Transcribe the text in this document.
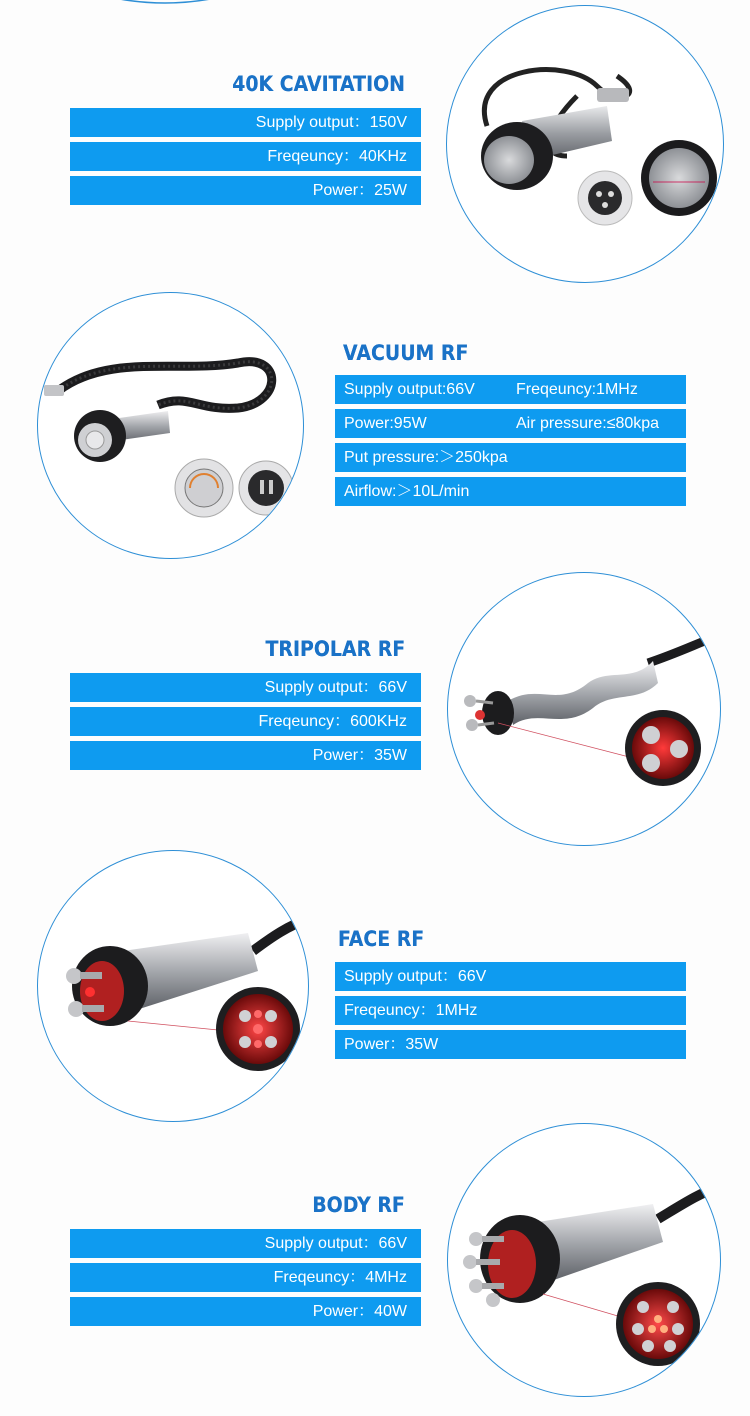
40K CAVITATION
Supply output：150V
Freqeuncy：40KHz
Power：25W
VACUUM RF
Supply output:66V	Freqeuncy:1MHz
Power:95W	Air pressure:≤80kpa
Put pressure:＞250kpa
Airflow:＞10L/min
TRIPOLAR RF
Supply output：66V
Freqeuncy：600KHz
Power：35W
FACE RF
Supply output：66V
Freqeuncy：1MHz
Power：35W
BODY RF
Supply output：66V
Freqeuncy：4MHz
Power：40W
